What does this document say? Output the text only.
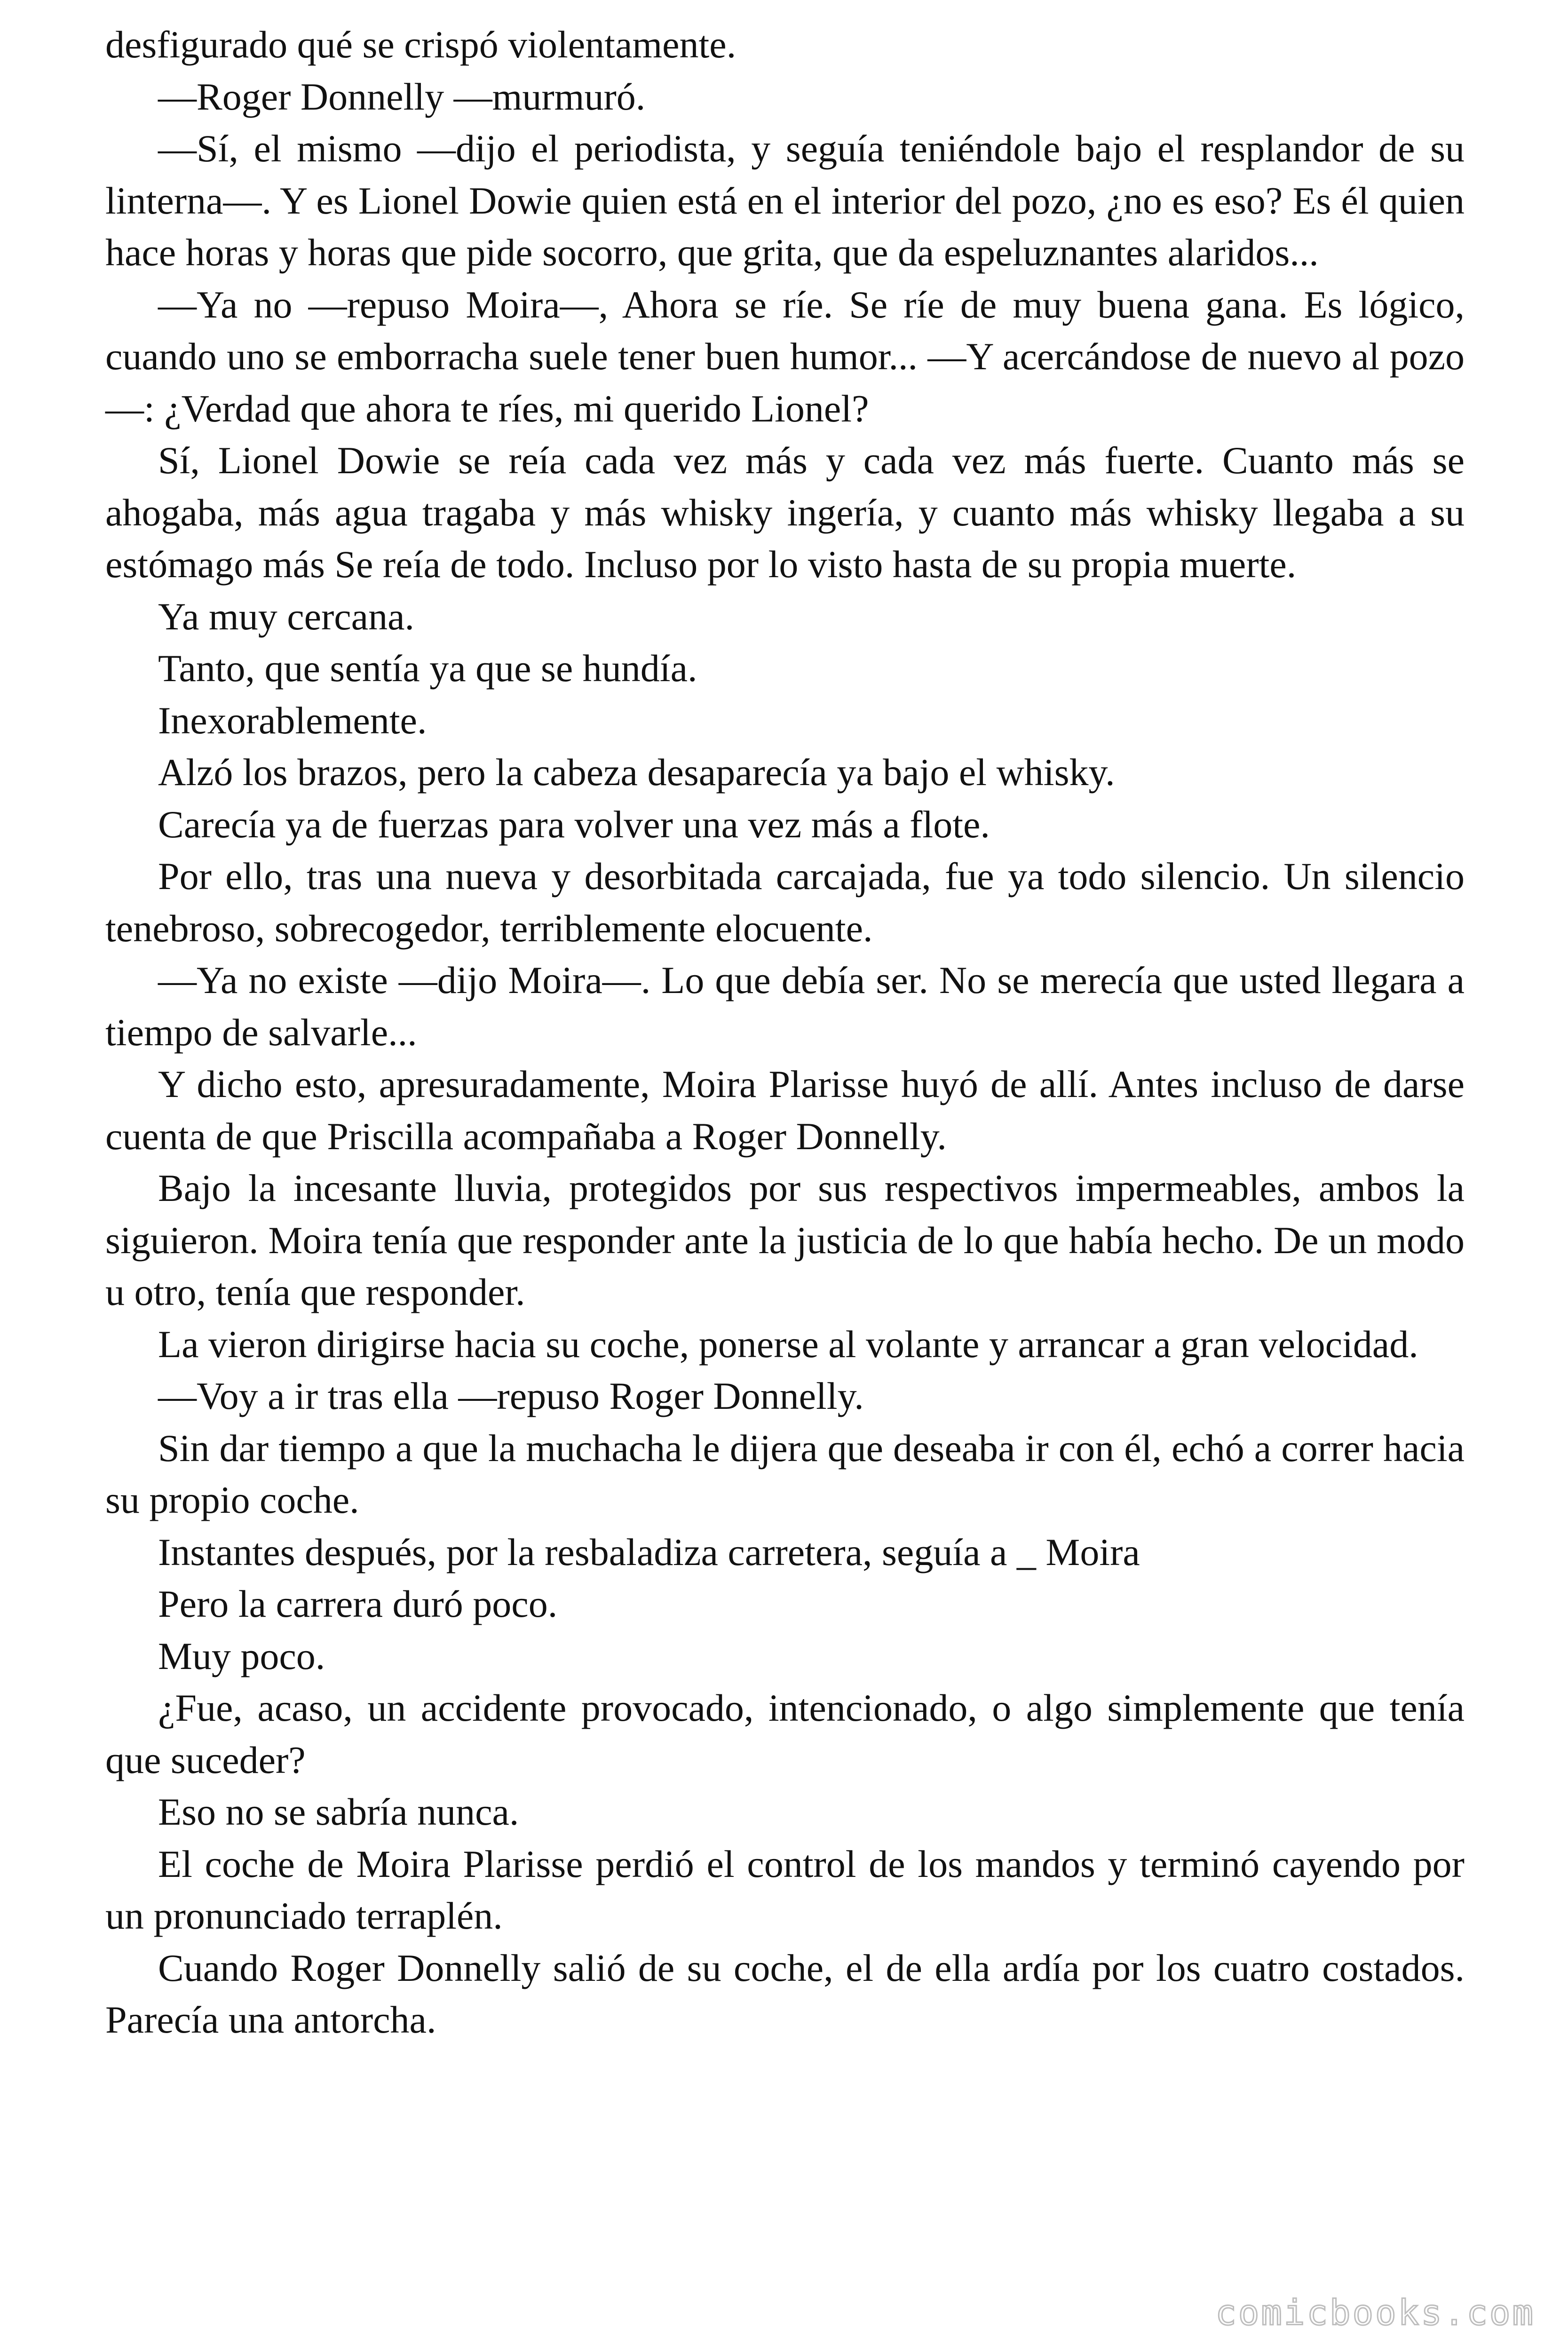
desfigurado qué se crispó violentamente.

—Roger Donnelly —murmuró.

—Sí, el mismo —dijo el periodista, y seguía teniéndole bajo el resplandor de su linterna—. Y es Lionel Dowie quien está en el interior del pozo, ¿no es eso? Es él quien hace horas y horas que pide socorro, que grita, que da espeluznantes alaridos...

—Ya no —repuso Moira—, Ahora se ríe. Se ríe de muy buena gana. Es lógico, cuando uno se emborracha suele tener buen humor... —Y acercándose de nuevo al pozo—: ¿Verdad que ahora te ríes, mi querido Lionel?

Sí, Lionel Dowie se reía cada vez más y cada vez más fuerte. Cuanto más se ahogaba, más agua tragaba y más whisky ingería, y cuanto más whisky llegaba a su estómago más Se reía de todo. Incluso por lo visto hasta de su propia muerte.

Ya muy cercana.

Tanto, que sentía ya que se hundía.

Inexorablemente.

Alzó los brazos, pero la cabeza desaparecía ya bajo el whisky.

Carecía ya de fuerzas para volver una vez más a flote.

Por ello, tras una nueva y desorbitada carcajada, fue ya todo silencio. Un silencio tenebroso, sobrecogedor, terriblemente elocuente.

—Ya no existe —dijo Moira—. Lo que debía ser. No se merecía que usted llegara a tiempo de salvarle...

Y dicho esto, apresuradamente, Moira Plarisse huyó de allí. Antes incluso de darse cuenta de que Priscilla acompañaba a Roger Donnelly.

Bajo la incesante lluvia, protegidos por sus respectivos impermeables, ambos la siguieron. Moira tenía que responder ante la justicia de lo que había hecho. De un modo u otro, tenía que responder.

La vieron dirigirse hacia su coche, ponerse al volante y arrancar a gran velocidad.

—Voy a ir tras ella —repuso Roger Donnelly.

Sin dar tiempo a que la muchacha le dijera que deseaba ir con él, echó a correr hacia su propio coche.

Instantes después, por la resbaladiza carretera, seguía a _ Moira

Pero la carrera duró poco.

Muy poco.

¿Fue, acaso, un accidente provocado, intencionado, o algo simplemente que tenía que suceder?

Eso no se sabría nunca.

El coche de Moira Plarisse perdió el control de los mandos y terminó cayendo por un pronunciado terraplén.

Cuando Roger Donnelly salió de su coche, el de ella ardía por los cuatro costados. Parecía una antorcha.

comicbooks.com
